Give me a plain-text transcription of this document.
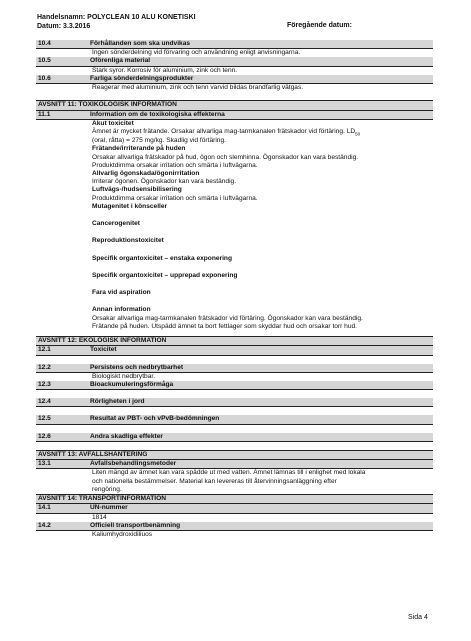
Handelsnamn: POLYCLEAN 10 ALU KONETISKI
Datum: 3.3.2016	Föregående datum:
10.4	Förhållanden som ska undvikas
Ingen sönderdelning vid förvaring och användning enligt anvisningarna.
10.5	Oförenliga material
Stark syror. Korrosiv för aluminium, zink och tenn.
10.6	Farliga sönderdelningsprodukter
Reagerar med aluminium, zink och tenn varvid bildas brandfarlig vätgas.
AVSNITT 11: TOXIKOLOGISK INFORMATION
11.1	Information om de toxikologiska effekterna
Akut toxicitet
Ämnet är mycket frätande. Orsakar allvarliga mag-tarmkanalen frätskador vid förtäring. $LD_{50}$
(oral, råtta) = 275 mg/kg. Skadlig vid förtäring.
Frätande/irriterande på huden
Orsakar allvarliga frätskador på hud, ögon och slemhinna. Ögonskador kan vara beständig.
Produktdimma orsakar irritation och smärta i luftvägarna.
Allvarlig ögonskada/ögonirritation
Irriterar ögonen. Ögonskador kan vara beständig.
Luftvägs-/hudsensibilisering
Produktdimma orsakar irritation och smärta i luftvägarna.
Mutagenitet i könsceller
Cancerogenitet
Reproduktionstoxicitet
Specifik organtoxicitet – enstaka exponering
Specifik organtoxicitet – upprepad exponering
Fara vid aspiration
Annan information
Orsakar allvarliga mag-tarmkanalen frätskador vid förtäring. Ögonskador kan vara beständig.
Frätande på huden. Utspädd ämnet ta bort fettlager som skyddar hud och orsakar torr hud.
AVSNITT 12: EKOLOGISK INFORMATION
12.1	Toxicitet
12.2	Persistens och nedbrytbarhet
Biologiskt nedbrytbar.
12.3	Bioackumuleringsförmåga
12.4	Rörligheten i jord
12.5	Resultat av PBT- och vPvB-bedömningen
12.6	Andra skadliga effekter
AVSNITT 13: AVFALLSHANTERING
13.1	Avfallsbehandlingsmetoder
Liten mängd av ämnet kan vara spädde ut med vatten. Ämnet lämnas till i enlighet med lokala
och nationella bestämmelser. Material kan levereras till återvinningsanläggning efter
rengöring.
AVSNITT 14: TRANSPORTINFORMATION
14.1	UN-nummer
1814
14.2	Officiell transportbenämning
Kaliumhydroxidiliuos
Sida 4
